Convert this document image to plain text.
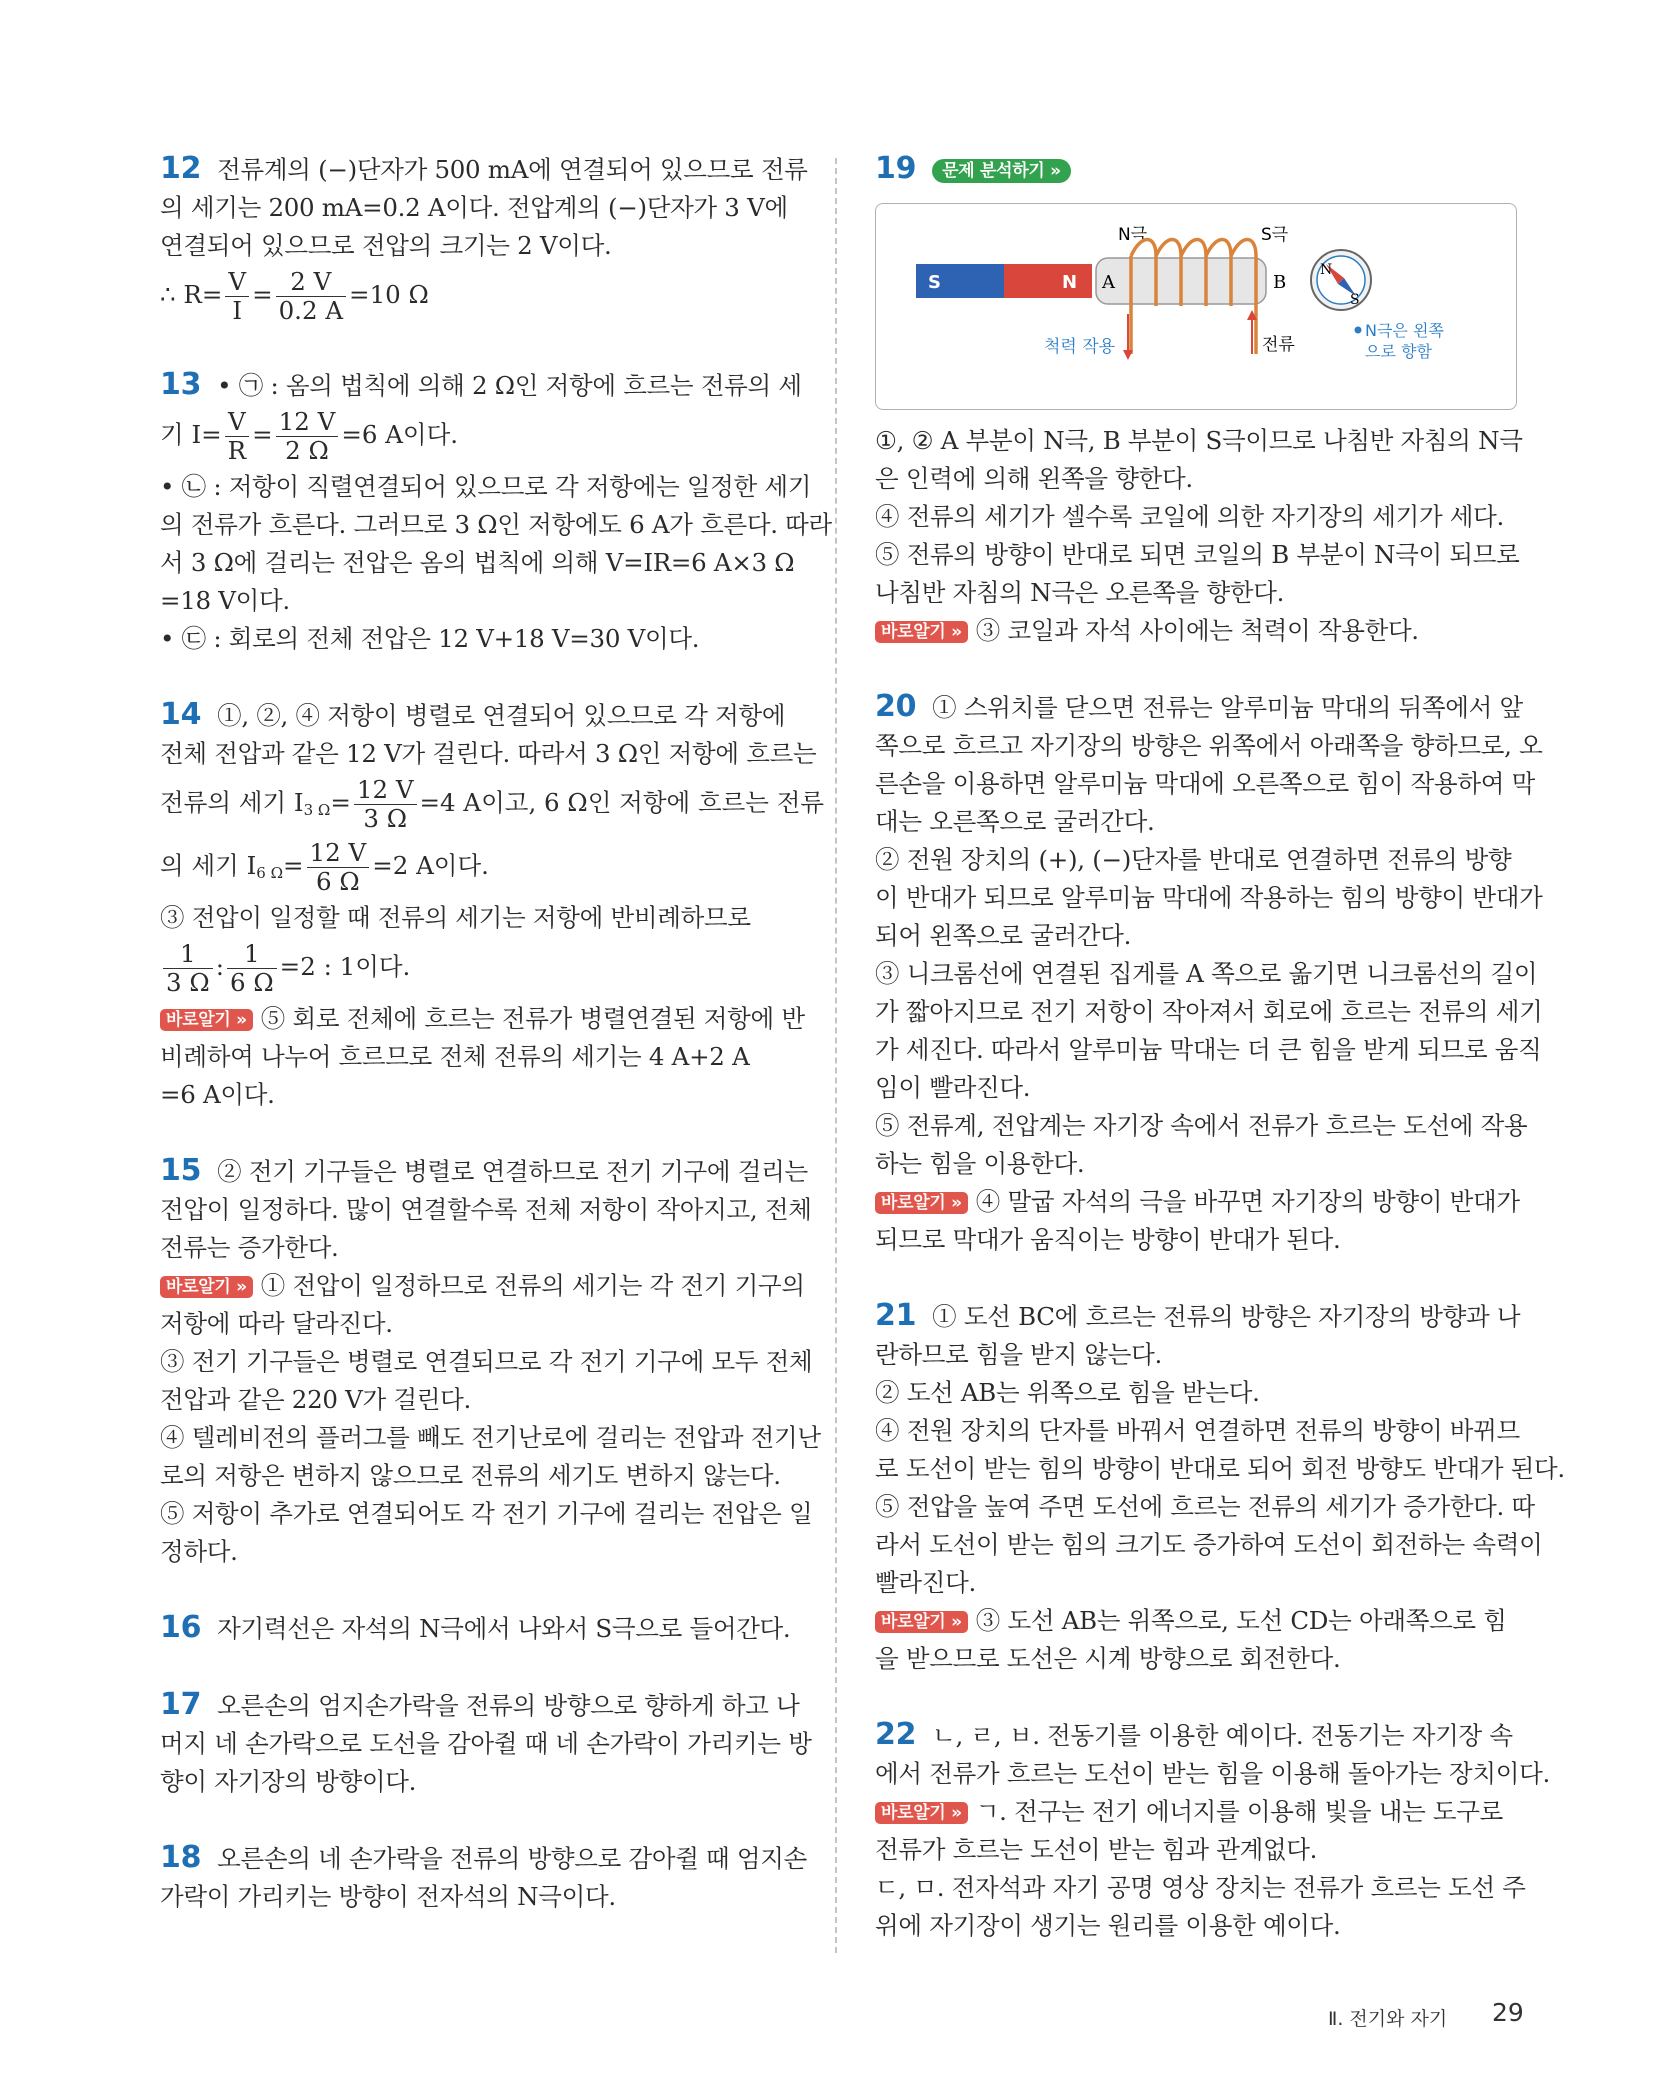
12 전류계의 (−)단자가 500 mA에 연결되어 있으므로 전류
의 세기는 200 mA=0.2 A이다. 전압계의 (−)단자가 3 V에
연결되어 있으므로 전압의 크기는 2 V이다.
∴ $R= \frac{V}{I} = \frac{2 V}{0.2 A} =10$ Ω
13 • ㉠ : 옴의 법칙에 의해 2 Ω인 저항에 흐르는 전류의 세
기 $I= \frac{V}{R} = \frac{12 V}{2 \Omega} =6$ A이다.
• ㉡ : 저항이 직렬연결되어 있으므로 각 저항에는 일정한 세기
의 전류가 흐른다. 그러므로 3 Ω인 저항에도 6 A가 흐른다. 따라
서 3 Ω에 걸리는 전압은 옴의 법칙에 의해 V=IR=6 A×3 Ω
=18 V이다.
• ㉢ : 회로의 전체 전압은 12 V+18 V=30 V이다.
14 ①, ②, ④ 저항이 병렬로 연결되어 있으므로 각 저항에
전체 전압과 같은 12 V가 걸린다. 따라서 3 Ω인 저항에 흐르는
전류의 세기 $I_{3 \Omega}= \frac{12 V}{3 \Omega} =4$ A이고, 6 Ω인 저항에 흐르는 전류
의 세기 $I_{6 \Omega}= \frac{12 V}{6 \Omega} =2$ A이다.
③ 전압이 일정할 때 전류의 세기는 저항에 반비례하므로
$\frac{1}{3 \Omega}$ : $\frac{1}{6 \Omega} =2$ : 1이다.
바로알기 » ⑤ 회로 전체에 흐르는 전류가 병렬연결된 저항에 반
비례하여 나누어 흐르므로 전체 전류의 세기는 4 A+2 A
=6 A이다.
15 ② 전기 기구들은 병렬로 연결하므로 전기 기구에 걸리는
전압이 일정하다. 많이 연결할수록 전체 저항이 작아지고, 전체
전류는 증가한다.
바로알기 » ① 전압이 일정하므로 전류의 세기는 각 전기 기구의
저항에 따라 달라진다.
③ 전기 기구들은 병렬로 연결되므로 각 전기 기구에 모두 전체
전압과 같은 220 V가 걸린다.
④ 텔레비전의 플러그를 빼도 전기난로에 걸리는 전압과 전기난
로의 저항은 변하지 않으므로 전류의 세기도 변하지 않는다.
⑤ 저항이 추가로 연결되어도 각 전기 기구에 걸리는 전압은 일
정하다.
16 자기력선은 자석의 N극에서 나와서 S극으로 들어간다.
17 오른손의 엄지손가락을 전류의 방향으로 향하게 하고 나
머지 네 손가락으로 도선을 감아쥘 때 네 손가락이 가리키는 방
향이 자기장의 방향이다.
18 오른손의 네 손가락을 전류의 방향으로 감아쥘 때 엄지손
가락이 가리키는 방향이 전자석의 N극이다.
19 문제 분석하기 »
N극	S극
S	N A	B
척력 작용	전류
N
S
N극은 왼쪽
으로 향함
①, ② A 부분이 N극, B 부분이 S극이므로 나침반 자침의 N극
은 인력에 의해 왼쪽을 향한다.
④ 전류의 세기가 셀수록 코일에 의한 자기장의 세기가 세다.
⑤ 전류의 방향이 반대로 되면 코일의 B 부분이 N극이 되므로
나침반 자침의 N극은 오른쪽을 향한다.
바로알기 » ③ 코일과 자석 사이에는 척력이 작용한다.
20 ① 스위치를 닫으면 전류는 알루미늄 막대의 뒤쪽에서 앞
쪽으로 흐르고 자기장의 방향은 위쪽에서 아래쪽을 향하므로, 오
른손을 이용하면 알루미늄 막대에 오른쪽으로 힘이 작용하여 막
대는 오른쪽으로 굴러간다.
② 전원 장치의 (+), (−)단자를 반대로 연결하면 전류의 방향
이 반대가 되므로 알루미늄 막대에 작용하는 힘의 방향이 반대가
되어 왼쪽으로 굴러간다.
③ 니크롬선에 연결된 집게를 A 쪽으로 옮기면 니크롬선의 길이
가 짧아지므로 전기 저항이 작아져서 회로에 흐르는 전류의 세기
가 세진다. 따라서 알루미늄 막대는 더 큰 힘을 받게 되므로 움직
임이 빨라진다.
⑤ 전류계, 전압계는 자기장 속에서 전류가 흐르는 도선에 작용
하는 힘을 이용한다.
바로알기 » ④ 말굽 자석의 극을 바꾸면 자기장의 방향이 반대가
되므로 막대가 움직이는 방향이 반대가 된다.
21 ① 도선 BC에 흐르는 전류의 방향은 자기장의 방향과 나
란하므로 힘을 받지 않는다.
② 도선 AB는 위쪽으로 힘을 받는다.
④ 전원 장치의 단자를 바꿔서 연결하면 전류의 방향이 바뀌므
로 도선이 받는 힘의 방향이 반대로 되어 회전 방향도 반대가 된다.
⑤ 전압을 높여 주면 도선에 흐르는 전류의 세기가 증가한다. 따
라서 도선이 받는 힘의 크기도 증가하여 도선이 회전하는 속력이
빨라진다.
바로알기 » ③ 도선 AB는 위쪽으로, 도선 CD는 아래쪽으로 힘
을 받으므로 도선은 시계 방향으로 회전한다.
22 ㄴ, ㄹ, ㅂ. 전동기를 이용한 예이다. 전동기는 자기장 속
에서 전류가 흐르는 도선이 받는 힘을 이용해 돌아가는 장치이다.
바로알기 » ㄱ. 전구는 전기 에너지를 이용해 빛을 내는 도구로
전류가 흐르는 도선이 받는 힘과 관계없다.
ㄷ, ㅁ. 전자석과 자기 공명 영상 장치는 전류가 흐르는 도선 주
위에 자기장이 생기는 원리를 이용한 예이다.
Ⅱ. 전기와 자기 29
